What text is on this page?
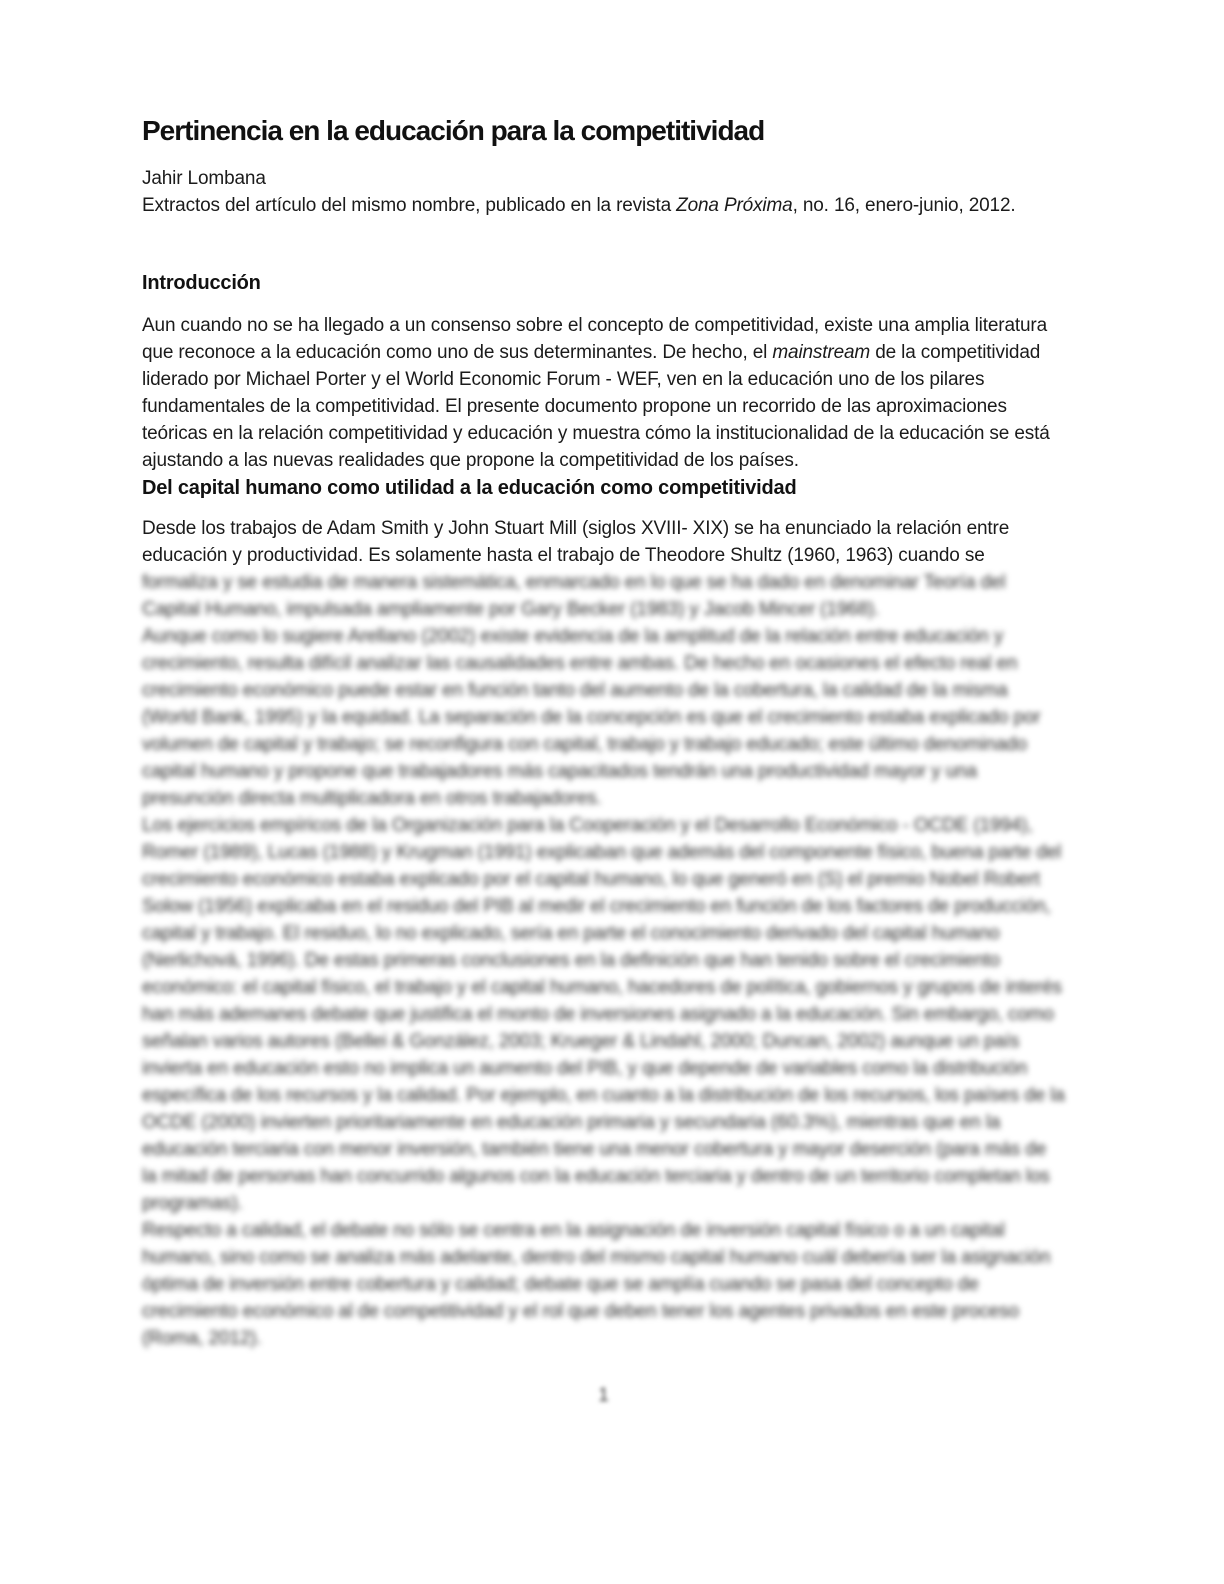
Pertinencia en la educación para la competitividad
Jahir Lombana
Extractos del artículo del mismo nombre, publicado en la revista Zona Próxima, no. 16, enero-junio, 2012.
Introducción

Aun cuando no se ha llegado a un consenso sobre el concepto de competitividad, existe una amplia literatura que reconoce a la educación como uno de sus determinantes. De hecho, el mainstream de la competitividad liderado por Michael Porter y el World Economic Forum - WEF, ven en la educación uno de los pilares fundamentales de la competitividad. El presente documento propone un recorrido de las aproximaciones teóricas en la relación competitividad y educación y muestra cómo la institucionalidad de la educación se está ajustando a las nuevas realidades que propone la competitividad de los países.

Del capital humano como utilidad a la educación como competitividad

Desde los trabajos de Adam Smith y John Stuart Mill (siglos XVIII- XIX) se ha enunciado la relación entre educación y productividad. Es solamente hasta el trabajo de Theodore Shultz (1960, 1963) cuando se

formaliza y se estudia de manera sistemática, enmarcado en lo que se ha dado en denominar Teoría del Capital Humano, impulsada ampliamente por Gary Becker (1983) y Jacob Mincer (1968).

Aunque como lo sugiere Arellano (2002) existe evidencia de la amplitud de la relación entre educación y crecimiento, resulta difícil analizar las causalidades entre ambas. De hecho en ocasiones el efecto real en crecimiento económico puede estar en función tanto del aumento de la cobertura, la calidad de la misma (World Bank, 1995) y la equidad. La separación de la concepción es que el crecimiento estaba explicado por volumen de capital y trabajo; se reconfigura con capital, trabajo y trabajo educado; este último denominado capital humano y propone que trabajadores más capacitados tendrán una productividad mayor y una presunción directa multiplicadora en otros trabajadores.

Los ejercicios empíricos de la Organización para la Cooperación y el Desarrollo Económico - OCDE (1994), Romer (1989), Lucas (1988) y Krugman (1991) explicaban que además del componente físico, buena parte del crecimiento económico estaba explicado por el capital humano, lo que generó en (S) el premio Nobel Robert Solow (1956) explicaba en el residuo del PIB al medir el crecimiento en función de los factores de producción, capital y trabajo. El residuo, lo no explicado, sería en parte el conocimiento derivado del capital humano (Nerlichová, 1996). De estas primeras conclusiones en la definición que han tenido sobre el crecimiento económico: el capital físico, el trabajo y el capital humano, hacedores de política, gobiernos y grupos de interés han más ademanes debate que justifica el monto de inversiones asignado a la educación. Sin embargo, como señalan varios autores (Bellei & González, 2003; Krueger & Lindahl, 2000; Duncan, 2002) aunque un país invierta en educación esto no implica un aumento del PIB, y que depende de variables como la distribución específica de los recursos y la calidad. Por ejemplo, en cuanto a la distribución de los recursos, los países de la OCDE (2000) invierten prioritariamente en educación primaria y secundaria (60.3%), mientras que en la educación terciaria con menor inversión, también tiene una menor cobertura y mayor deserción (para más de la mitad de personas han concurrido algunos con la educación terciaria y dentro de un territorio completan los programas).

Respecto a calidad, el debate no sólo se centra en la asignación de inversión capital físico o a un capital humano, sino como se analiza más adelante, dentro del mismo capital humano cuál debería ser la asignación óptima de inversión entre cobertura y calidad; debate que se amplía cuando se pasa del concepto de crecimiento económico al de competitividad y el rol que deben tener los agentes privados en este proceso (Roma, 2012).

1
